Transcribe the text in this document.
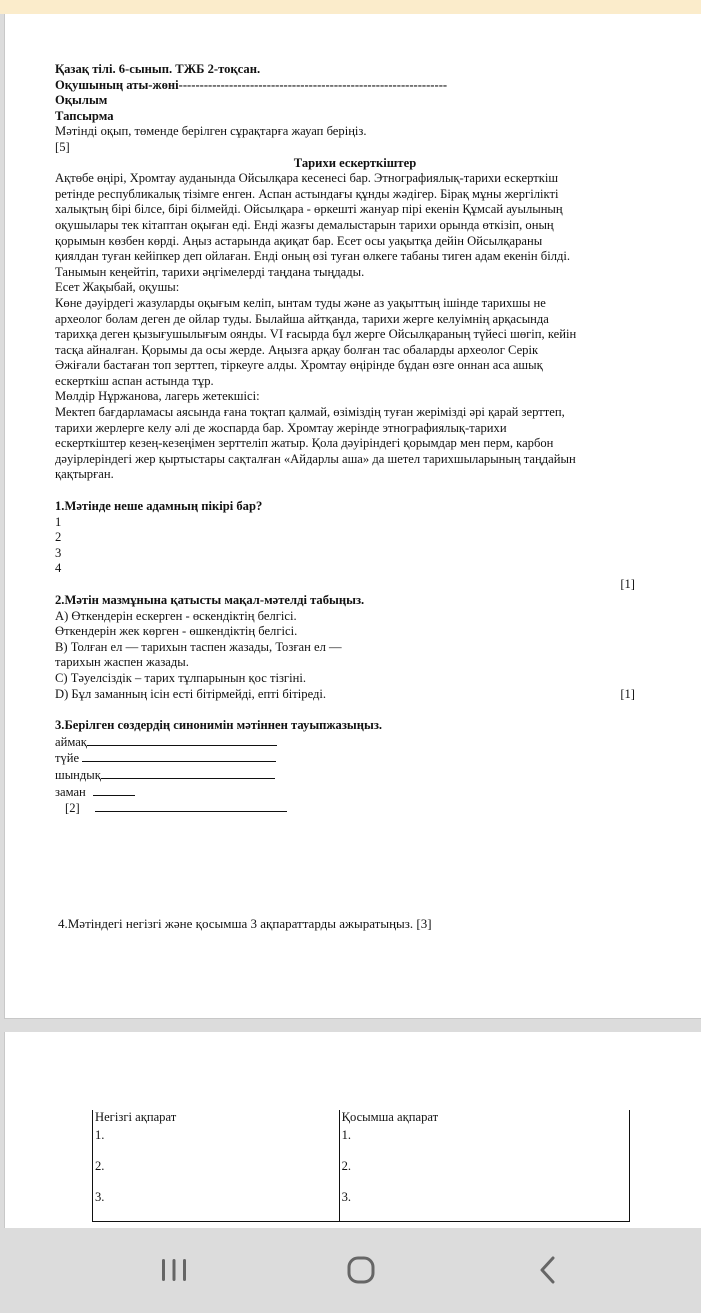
Қазақ тілі. 6-сынып. ТЖБ 2-тоқсан.

Оқушының аты-жөні----------------------------------------------------------------

Оқылым

Тапсырма

Мәтінді оқып, төменде берілген сұрақтарға жауап беріңіз.

[5]

Тарихи ескерткіштер

Ақтөбе өңірі, Хромтау ауданында Ойсылқара кесенесі бар. Этнографиялық-тарихи ескерткіш

ретінде республикалық тізімге енген. Аспан астындағы құнды жәдігер. Бірақ мұны жергілікті

халықтың бірі білсе, бірі білмейді. Ойсылқара - өркешті жануар пірі екенін Құмсай ауылының

оқушылары тек кітаптан оқыған еді. Енді жазғы демалыстарын тарихи орында өткізіп, оның

қорымын көзбен көрді. Аңыз астарында ақиқат бар. Есет осы уақытқа дейін Ойсылқараны

қиялдан туған кейіпкер деп ойлаған. Енді оның өзі туған өлкеге табаны тиген адам екенін білді.

Танымын кеңейтіп, тарихи әңгімелерді таңдана тыңдады.

Есет Жақыбай, оқушы:

Көне дәуірдегі жазуларды оқығым келіп, ынтам туды және аз уақыттың ішінде тарихшы не

археолог болам деген де ойлар туды. Былайша айтқанда, тарихи жерге келуімнің арқасында

тарихқа деген қызығушылығым оянды. VI ғасырда бұл жерге Ойсылқараның түйесі шөгіп, кейін

тасқа айналған. Қорымы да осы жерде. Аңызға арқау болған тас обаларды археолог Серік

Әжіғали бастаған топ зерттеп, тіркеуге алды. Хромтау өңірінде бұдан өзге оннан аса ашық

ескерткіш аспан астында тұр.

Мөлдір Нұржанова, лагерь жетекшісі:

Мектеп бағдарламасы аясында ғана тоқтап қалмай, өзіміздің туған жерімізді әрі қарай зерттеп,

тарихи жерлерге келу әлі де жоспарда бар. Хромтау жерінде этнографиялық-тарихи

ескерткіштер кезең-кезеңімен зерттеліп жатыр. Қола дәуіріндегі қорымдар мен перм, карбон

дәуірлеріндегі жер қыртыстары сақталған «Айдарлы аша» да шетел тарихшыларының таңдайын

қақтырған.

1.Мәтінде неше адамның пікірі бар?

1

2

3

4

[1]

2.Мәтін мазмұнына қатысты мақал-мәтелді табыңыз.

A) Өткендерін ескерген - өскендіктің белгісі.

Өткендерін жек көрген - өшкендіктің белгісі.

B) Толған ел — тарихын таспен жазады, Тозған ел —

тарихын жаспен жазады.

C) Тәуелсіздік – тарих тұлпарынын қос тізгіні.

D) Бұл заманның ісін есті бітірмейді, епті бітіреді.	[1]

3.Берілген сөздердің синонимін мәтіннен тауыпжазыңыз.

аймақ

түйе

шындық

заман

[2]

4.Мәтіндегі негізгі және қосымша 3 ақпараттарды ажыратыңыз. [3]

Негізгі ақпарат	Қосымша ақпарат
1.	1.
2.	2.
3.	3.
